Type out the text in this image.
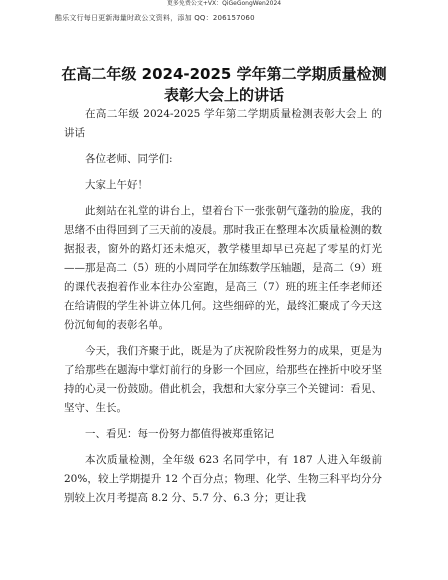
更多免费公文+VX：QiGeGongWen2024
酷乐文行每日更新海量时政公文资料，添加 QQ：206157060
在高二年级 2024-2025 学年第二学期质量检测
表彰大会上的讲话

在高二年级 2024-2025 学年第二学期质量检测表彰大会上 的讲话

各位老师、同学们:

大家上午好！

此刻站在礼堂的讲台上，望着台下一张张朝气蓬勃的脸庞，我的思绪不由得回到了三天前的凌晨。那时我正在整理本次质量检测的数据报表，窗外的路灯还未熄灭，教学楼里却早已亮起了零星的灯光——那是高二（5）班的小周同学在加练数学压轴题，是高二（9）班的课代表抱着作业本往办公室跑，是高三（7）班的班主任李老师还在给请假的学生补讲立体几何。这些细碎的光，最终汇聚成了今天这份沉甸甸的表彰名单。

今天，我们齐聚于此，既是为了庆祝阶段性努力的成果，更是为了给那些在题海中掌灯前行的身影一个回应，给那些在挫折中咬牙坚持的心灵一份鼓励。借此机会，我想和大家分享三个关键词：看见、坚守、生长。

一、看见：每一份努力都值得被郑重铭记

本次质量检测，全年级 623 名同学中，有 187 人进入年级前 20%，较上学期提升 12 个百分点；物理、化学、生物三科平均分分别较上次月考提高 8.2 分、5.7 分、6.3 分；更让我
